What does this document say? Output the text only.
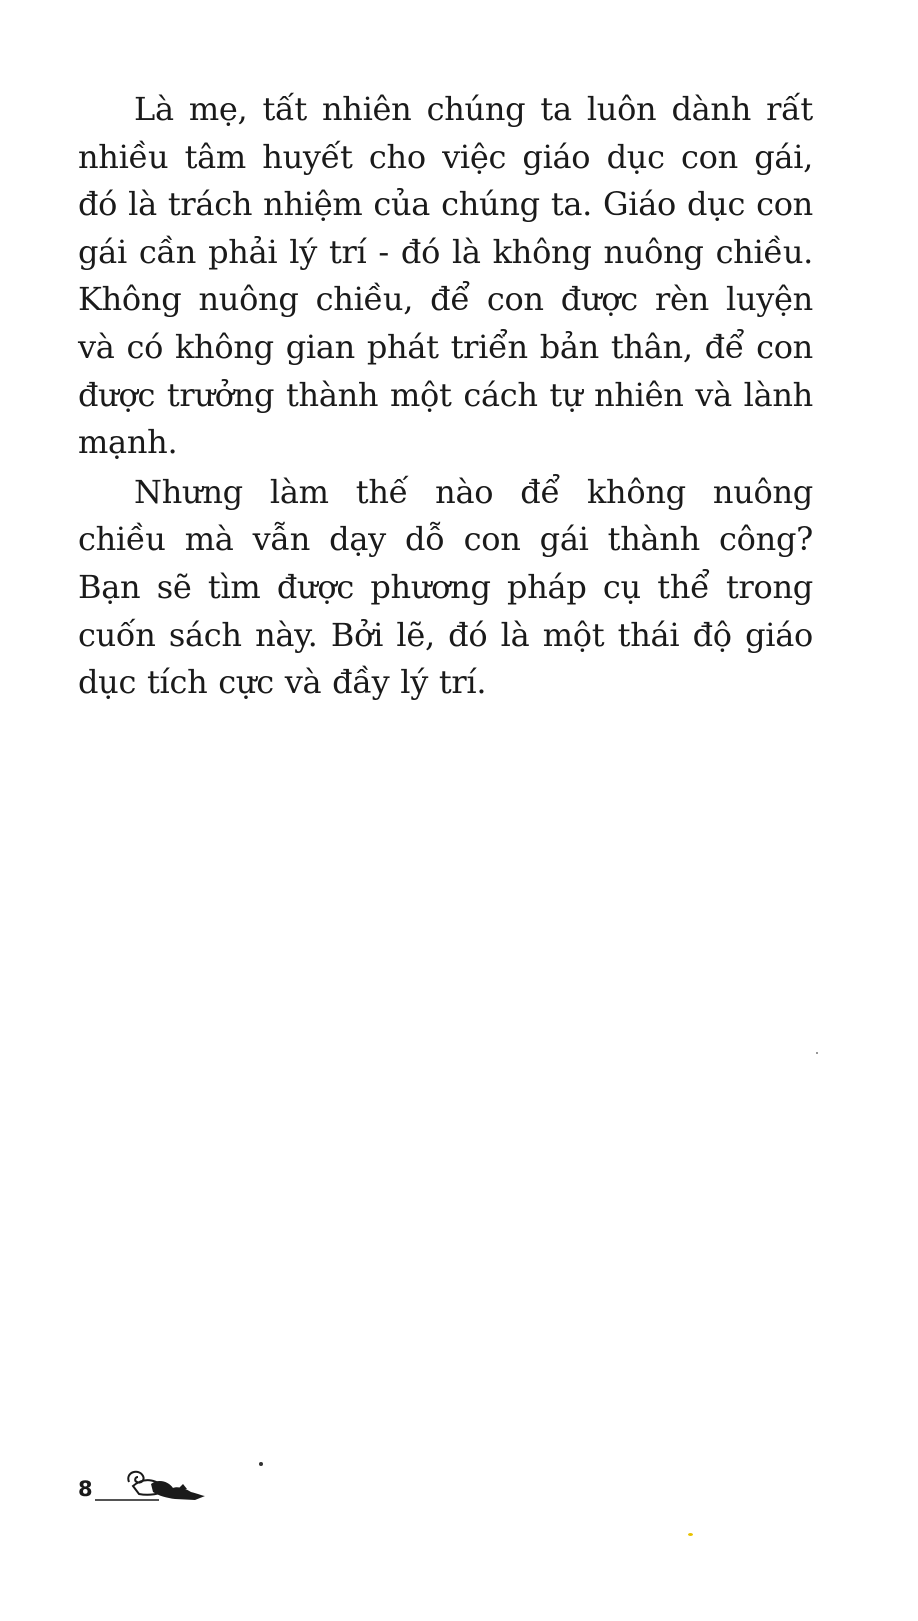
Là mẹ, tất nhiên chúng ta luôn dành rất nhiều tâm huyết cho việc giáo dục con gái, đó là trách nhiệm của chúng ta. Giáo dục con gái cần phải lý trí - đó là không nuông chiều. Không nuông chiều, để con được rèn luyện và có không gian phát triển bản thân, để con được trưởng thành một cách tự nhiên và lành mạnh.

Nhưng làm thế nào để không nuông chiều mà vẫn dạy dỗ con gái thành công? Bạn sẽ tìm được phương pháp cụ thể trong cuốn sách này. Bởi lẽ, đó là một thái độ giáo dục tích cực và đầy lý trí.

8
